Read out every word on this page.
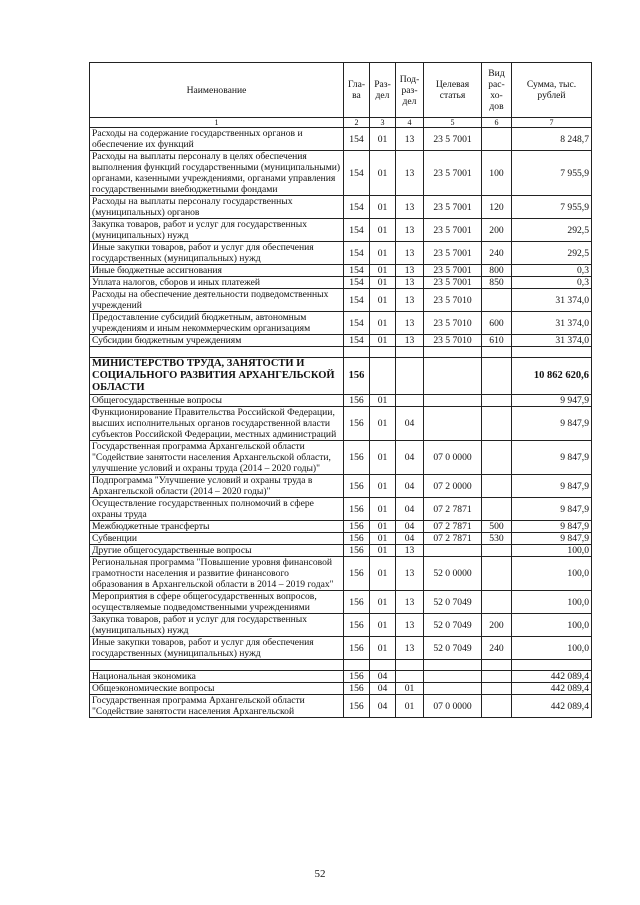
Наименование	Гла-ва	Раз-дел	Под-раз-дел	Целевая статья	Вид рас-хо-дов	Сумма, тыс. рублей
1	2	3	4	5	6	7
Расходы на содержание государственных органов и обеспечение их функций	154	01	13	23 5 7001		8 248,7
Расходы на выплаты персоналу в целях обеспечения выполнения функций государственными (муниципальными) органами, казенными учреждениями, органами управления государственными внебюджетными фондами	154	01	13	23 5 7001	100	7 955,9
Расходы на выплаты персоналу государственных (муниципальных) органов	154	01	13	23 5 7001	120	7 955,9
Закупка товаров, работ и услуг для государственных (муниципальных) нужд	154	01	13	23 5 7001	200	292,5
Иные закупки товаров, работ и услуг для обеспечения государственных (муниципальных) нужд	154	01	13	23 5 7001	240	292,5
Иные бюджетные ассигнования	154	01	13	23 5 7001	800	0,3
Уплата налогов, сборов и иных платежей	154	01	13	23 5 7001	850	0,3
Расходы на обеспечение деятельности подведомственных учреждений	154	01	13	23 5 7010		31 374,0
Предоставление субсидий бюджетным, автономным учреждениям и иным некоммерческим организациям	154	01	13	23 5 7010	600	31 374,0
Субсидии бюджетным учреждениям	154	01	13	23 5 7010	610	31 374,0

МИНИСТЕРСТВО ТРУДА, ЗАНЯТОСТИ И СОЦИАЛЬНОГО РАЗВИТИЯ АРХАНГЕЛЬСКОЙ ОБЛАСТИ	156					10 862 620,6
Общегосударственные вопросы	156	01				9 947,9
Функционирование Правительства Российской Федерации, высших исполнительных органов государственной власти субъектов Российской Федерации, местных администраций	156	01	04			9 847,9
Государственная программа Архангельской области "Содействие занятости населения Архангельской области, улучшение условий и охраны труда (2014 – 2020 годы)"	156	01	04	07 0 0000		9 847,9
Подпрограмма "Улучшение условий и охраны труда в Архангельской области (2014 – 2020 годы)"	156	01	04	07 2 0000		9 847,9
Осуществление государственных полномочий в сфере охраны труда	156	01	04	07 2 7871		9 847,9
Межбюджетные трансферты	156	01	04	07 2 7871	500	9 847,9
Субвенции	156	01	04	07 2 7871	530	9 847,9
Другие общегосударственные вопросы	156	01	13			100,0
Региональная программа "Повышение уровня финансовой грамотности населения и развитие финансового образования в Архангельской области в 2014 – 2019 годах"	156	01	13	52 0 0000		100,0
Мероприятия в сфере общегосударственных вопросов, осуществляемые подведомственными учреждениями	156	01	13	52 0 7049		100,0
Закупка товаров, работ и услуг для государственных (муниципальных) нужд	156	01	13	52 0 7049	200	100,0
Иные закупки товаров, работ и услуг для обеспечения государственных (муниципальных) нужд	156	01	13	52 0 7049	240	100,0

Национальная экономика	156	04				442 089,4
Общеэкономические вопросы	156	04	01			442 089,4
Государственная программа Архангельской области "Содействие занятости населения Архангельской	156	04	01	07 0 0000		442 089,4
52
